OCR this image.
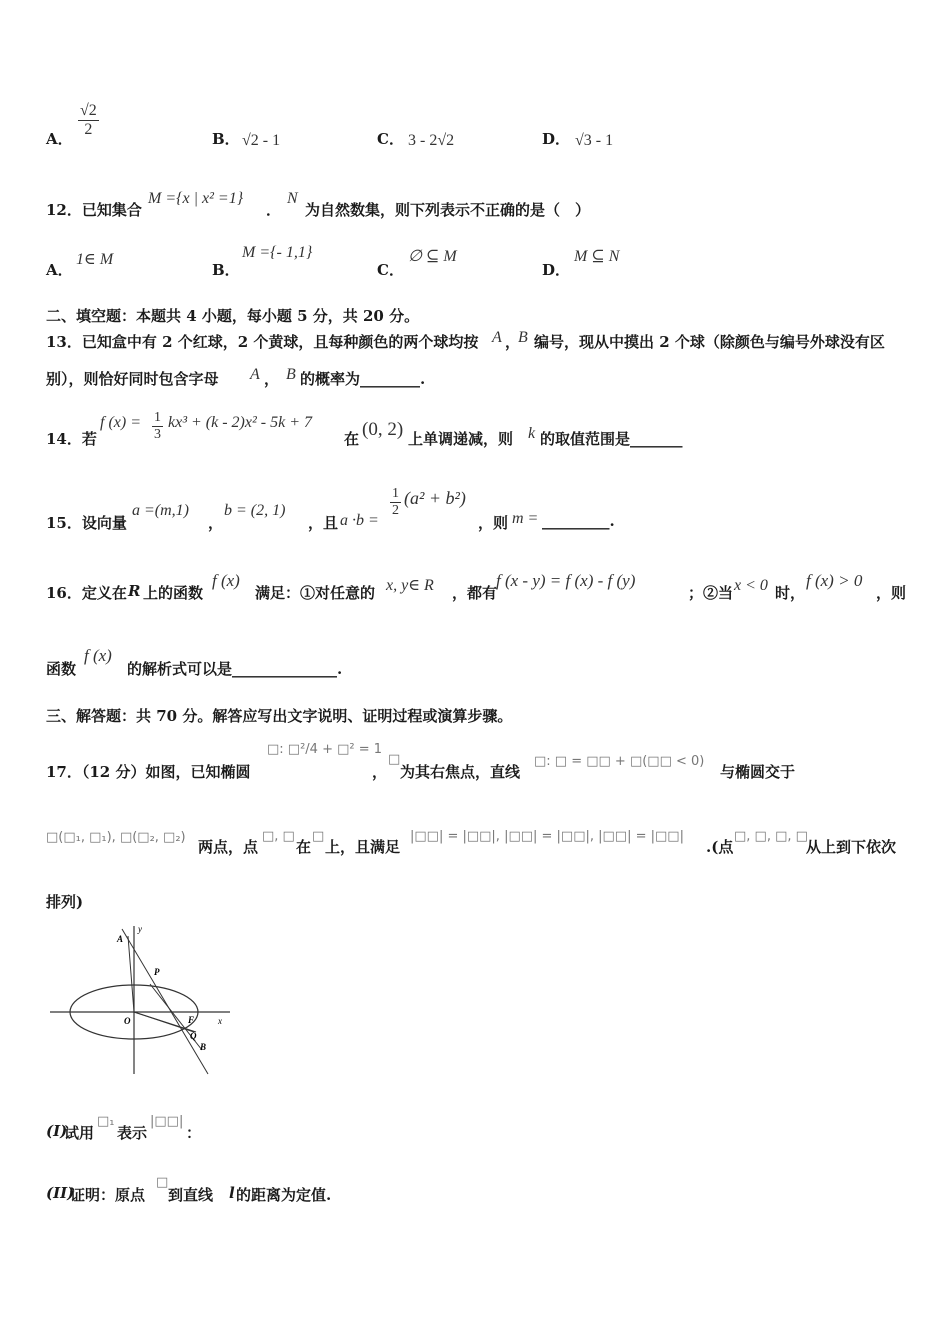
A． $\frac{√2}{2}$	B． √2 - 1	C． 3 - 2√2	D． √3 - 1
12．已知集合
M ={x | x² =1}
．
N
为自然数集，则下列表示不正确的是（　）
A．
1∈ M
B．
M ={- 1,1}
C．
∅ ⊆ M
D．
M ⊆ N
二、填空题：本题共 4 小题，每小题 5 分，共 20 分。
13．已知盒中有 2 个红球，2 个黄球，且每种颜色的两个球均按 A ，
B 编号，现从中摸出 2 个球（除颜色与编号外球没有区
别），则恰好同时包含字母 A ， B 的概率为________.
14．若
f $(x) = \frac{1}{3} kx^3 + (k - 2)x^2 - 5k + 7$
在 (0, 2) 上单调递减，则 k 的取值范围是_______
15．设向量
a =(m,1)
，
b = (2, 1)
，且 a ·b =
$\frac{1}{2} (a^2 + b^2)$
，则 m = _________.
16．定义在 R 上的函数
f (x)
满足：①对任意的 x, y∈ R ，都有
f (x - y) = f (x) - f (y)
；②当 x < 0 时，
f (x) > 0
，则
函数
f (x)
的解析式可以是______________.
三、解答题：共 70 分。解答应写出文字说明、证明过程或演算步骤。
17．（12 分）如图，已知椭圆
□: □²/4 + □² = 1
，
□
为其右焦点，直线
□: □ = □□ + □(□□ < 0)
与椭圆交于
□(□₁, □₁), □(□₂, □₂)
两点，点
□, □
在
□
上，且满足
|□□| = |□□|, |□□| = |□□|, |□□| = |□□|
.(点
□, □, □, □
从上到下依次
排列)
y
x
A
P
O	F
Q
B
(I)
试用
□₁
表示
|□□|
：
(II)
证明：原点
□
到直线 l 的距离为定值.
